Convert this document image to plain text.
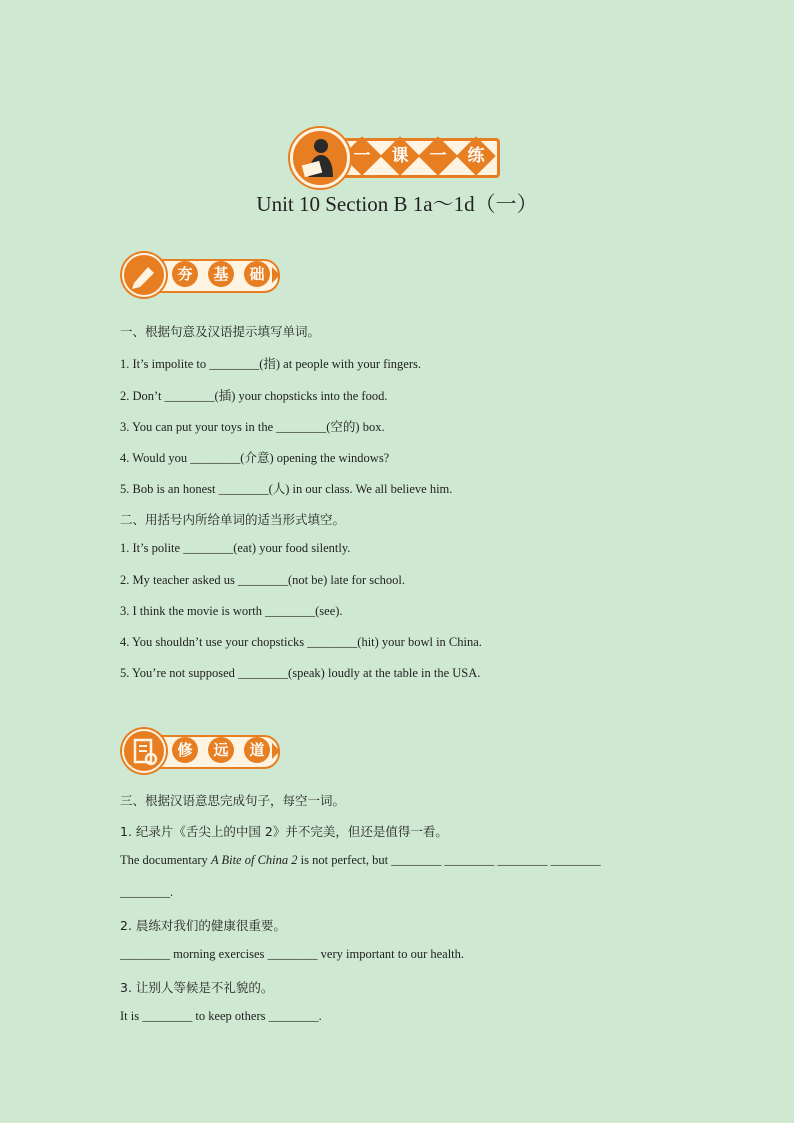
一	课	一	练
Unit 10 Section B 1a～1d（一）
夯	基	础
一、根据句意及汉语提示填写单词。
1. It’s impolite to ________(指) at people with your fingers.
2. Don’t ________(插) your chopsticks into the food.
3. You can put your toys in the ________(空的) box.
4. Would you ________(介意) opening the windows?
5. Bob is an honest ________(人) in our class. We all believe him.
二、用括号内所给单词的适当形式填空。
1. It’s polite ________(eat) your food silently.
2. My teacher asked us ________(not be) late for school.
3. I think the movie is worth ________(see).
4. You shouldn’t use your chopsticks ________(hit) your bowl in China.
5. You’re not supposed ________(speak) loudly at the table in the USA.
修	远	道
三、根据汉语意思完成句子，每空一词。
1. 纪录片《舌尖上的中国 2》并不完美，但还是值得一看。
The documentary A Bite of China 2 is not perfect, but ________ ________ ________ ________
________.
2. 晨练对我们的健康很重要。
________ morning exercises ________ very important to our health.
3. 让别人等候是不礼貌的。
It is ________ to keep others ________.
